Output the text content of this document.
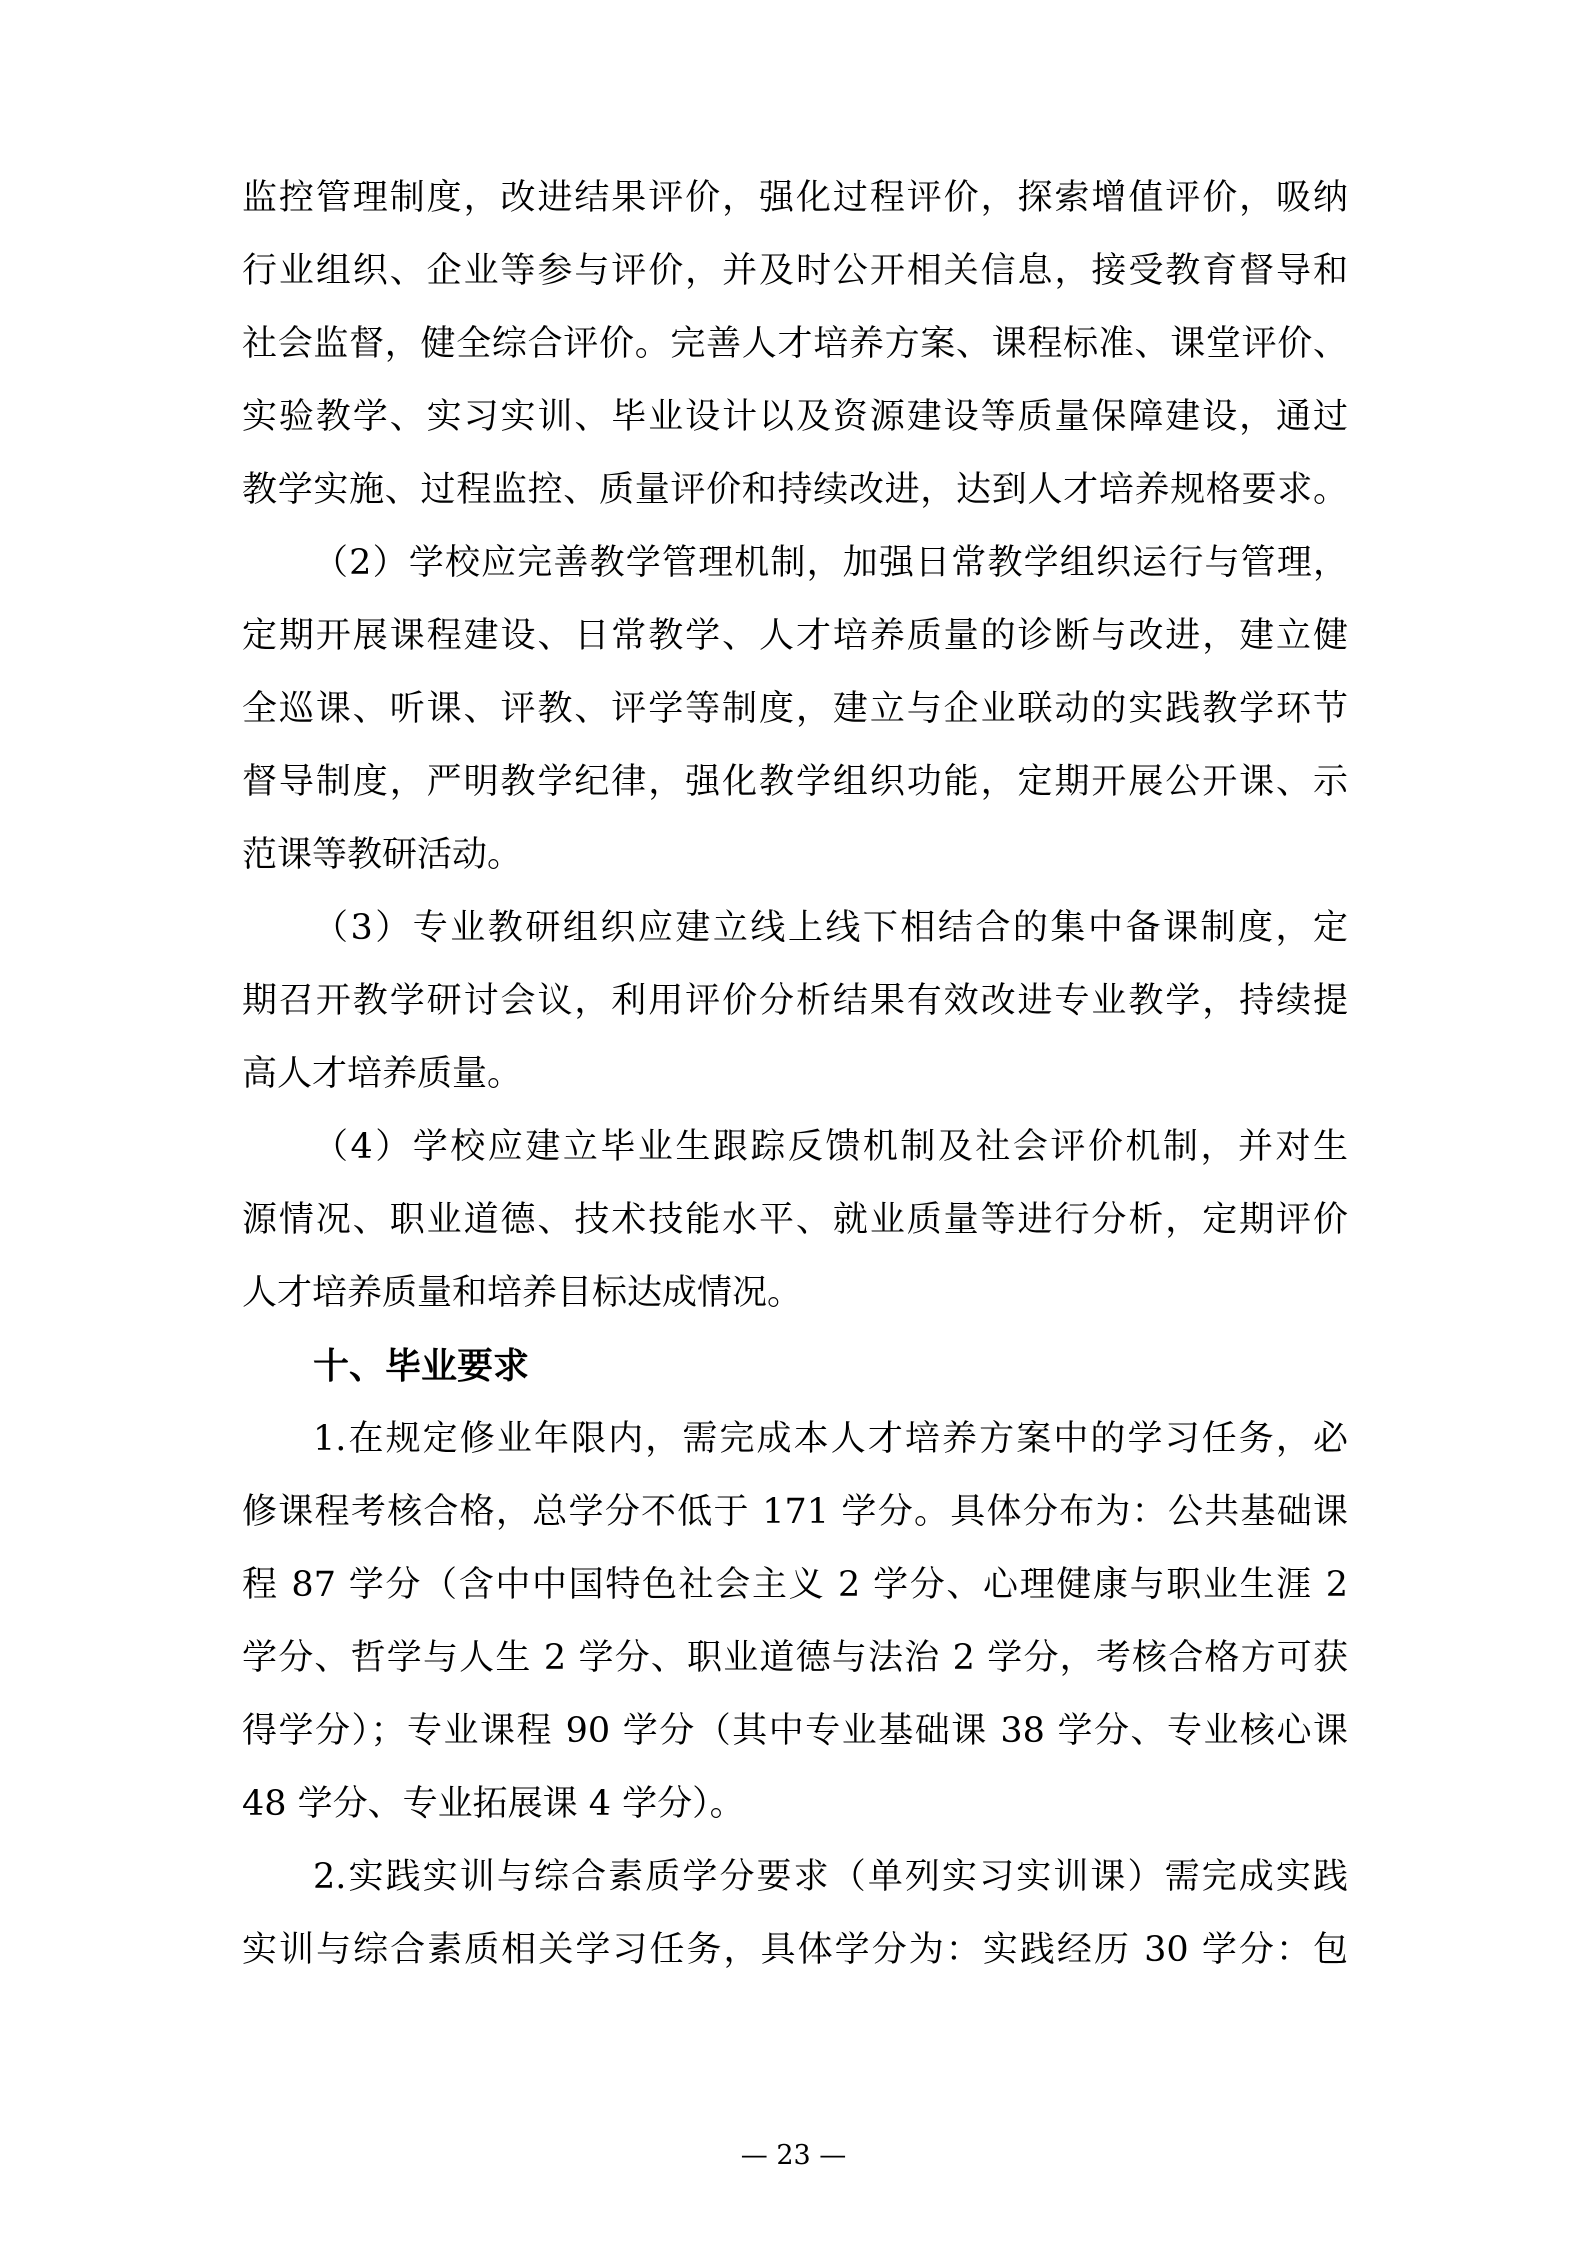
监控管理制度，改进结果评价，强化过程评价，探索增值评价，吸纳
行业组织、企业等参与评价，并及时公开相关信息，接受教育督导和
社会监督，健全综合评价。完善人才培养方案、课程标准、课堂评价、
实验教学、实习实训、毕业设计以及资源建设等质量保障建设，通过
教学实施、过程监控、质量评价和持续改进，达到人才培养规格要求。
（2）学校应完善教学管理机制，加强日常教学组织运行与管理，
定期开展课程建设、日常教学、人才培养质量的诊断与改进，建立健
全巡课、听课、评教、评学等制度，建立与企业联动的实践教学环节
督导制度，严明教学纪律，强化教学组织功能，定期开展公开课、示
范课等教研活动。
（3）专业教研组织应建立线上线下相结合的集中备课制度，定
期召开教学研讨会议，利用评价分析结果有效改进专业教学，持续提
高人才培养质量。
（4）学校应建立毕业生跟踪反馈机制及社会评价机制，并对生
源情况、职业道德、技术技能水平、就业质量等进行分析，定期评价
人才培养质量和培养目标达成情况。
十、毕业要求
1.在规定修业年限内，需完成本人才培养方案中的学习任务，必
修课程考核合格，总学分不低于 171 学分。具体分布为：公共基础课
程 87 学分（含中中国特色社会主义 2 学分、心理健康与职业生涯 2
学分、哲学与人生 2 学分、职业道德与法治 2 学分，考核合格方可获
得学分）；专业课程 90 学分（其中专业基础课 38 学分、专业核心课
48 学分、专业拓展课 4 学分）。
2.实践实训与综合素质学分要求（单列实习实训课）需完成实践
实训与综合素质相关学习任务，具体学分为：实践经历 30 学分：包
— 23 —
